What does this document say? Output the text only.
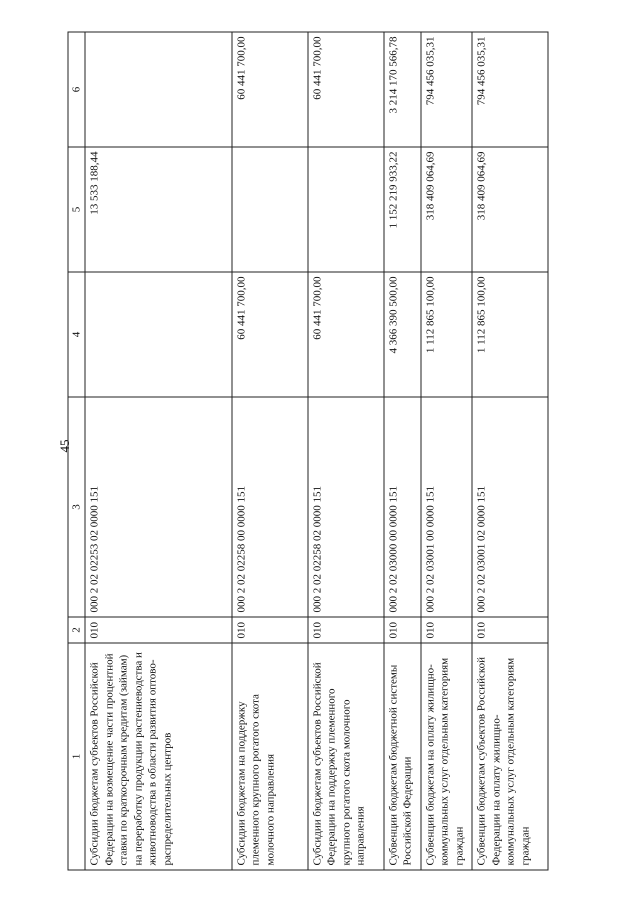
45
1	2	3	4	5	6
Субсидии бюджетам субъектов Российской Федерации на возмещение части процентной ставки по краткосрочным кредитам (займам) на переработку продукции растениеводства и животноводства в области развития оптово-распределительных центров	010	000 2 02 02253 02 0000 151		13 533 188,44	
Субсидии бюджетам на поддержку племенного крупного рогатого скота молочного направления	010	000 2 02 02258 00 0000 151	60 441 700,00		60 441 700,00
Субсидии бюджетам субъектов Российской Федерации на поддержку племенного крупного рогатого скота молочного направления	010	000 2 02 02258 02 0000 151	60 441 700,00		60 441 700,00
Субвенции бюджетам бюджетной системы Российской Федерации	010	000 2 02 03000 00 0000 151	4 366 390 500,00	1 152 219 933,22	3 214 170 566,78
Субвенции бюджетам на оплату жилищно-коммунальных услуг отдельным категориям граждан	010	000 2 02 03001 00 0000 151	1 112 865 100,00	318 409 064,69	794 456 035,31
Субвенции бюджетам субъектов Российской Федерации на оплату жилищно-коммунальных услуг отдельным категориям граждан	010	000 2 02 03001 02 0000 151	1 112 865 100,00	318 409 064,69	794 456 035,31
